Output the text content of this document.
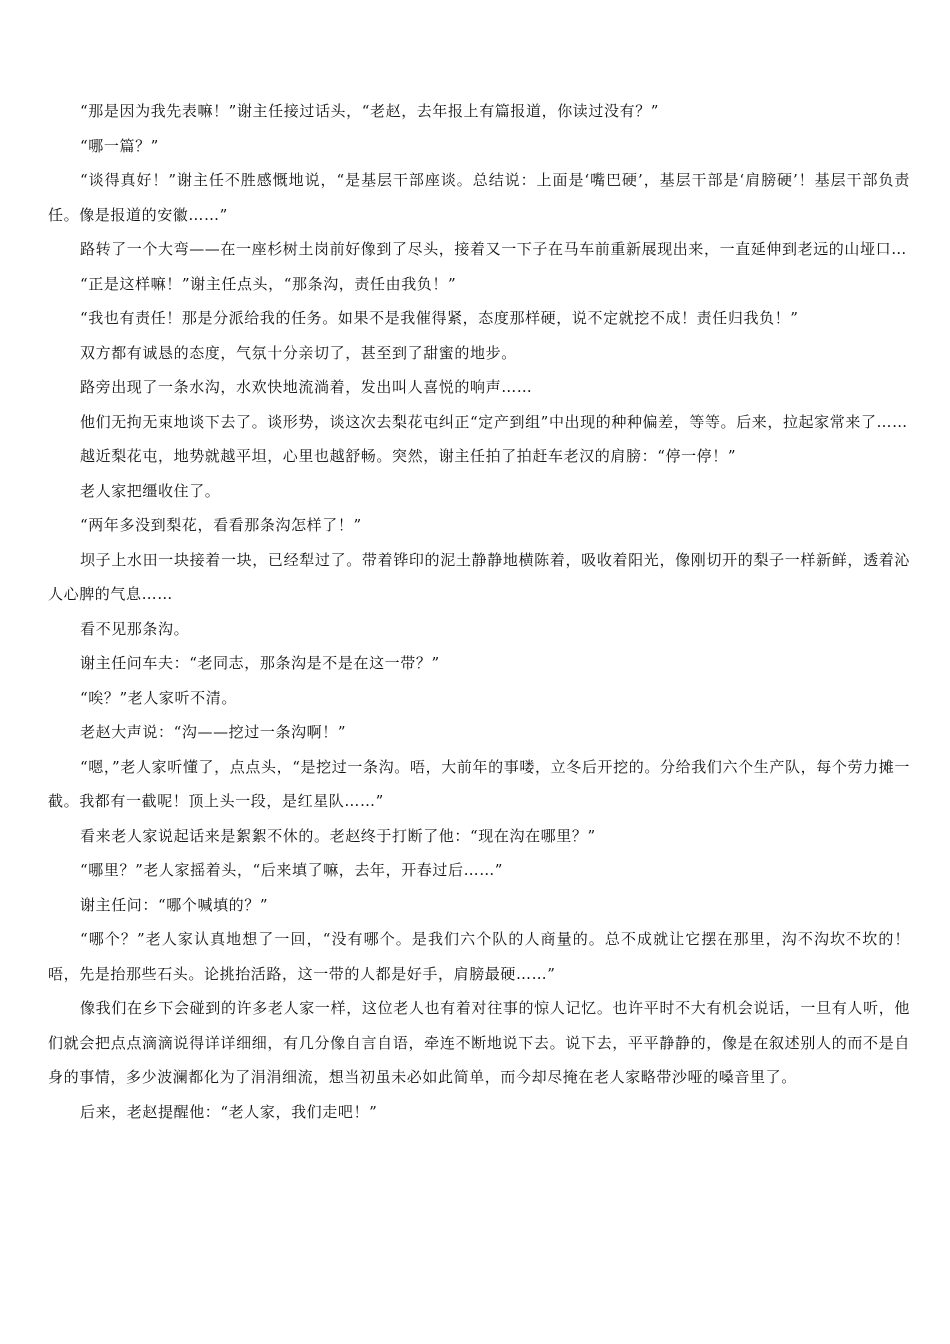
“那是因为我先表嘛！”谢主任接过话头，“老赵，去年报上有篇报道，你读过没有？”

“哪一篇？”

“谈得真好！”谢主任不胜感慨地说，“是基层干部座谈。总结说：上面是‘嘴巴硬’，基层干部是‘肩膀硬’！基层干部负责任。像是报道的安徽……”

路转了一个大弯——在一座杉树土岗前好像到了尽头，接着又一下子在马车前重新展现出来，一直延伸到老远的山垭口…

“正是这样嘛！”谢主任点头，“那条沟，责任由我负！”

“我也有责任！那是分派给我的任务。如果不是我催得紧，态度那样硬，说不定就挖不成！责任归我负！”

双方都有诚恳的态度，气氛十分亲切了，甚至到了甜蜜的地步。

路旁出现了一条水沟，水欢快地流淌着，发出叫人喜悦的响声……

他们无拘无束地谈下去了。谈形势，谈这次去梨花屯纠正“定产到组”中出现的种种偏差，等等。后来，拉起家常来了……

越近梨花屯，地势就越平坦，心里也越舒畅。突然，谢主任拍了拍赶车老汉的肩膀：“停一停！”

老人家把缰收住了。

“两年多没到梨花，看看那条沟怎样了！”

坝子上水田一块接着一块，已经犁过了。带着铧印的泥土静静地横陈着，吸收着阳光，像刚切开的梨子一样新鲜，透着沁人心脾的气息……

看不见那条沟。

谢主任问车夫：“老同志，那条沟是不是在这一带？”

“唉？”老人家听不清。

老赵大声说：“沟——挖过一条沟啊！”

“嗯，”老人家听懂了，点点头，“是挖过一条沟。唔，大前年的事喽，立冬后开挖的。分给我们六个生产队，每个劳力摊一截。我都有一截呢！顶上头一段，是红星队……”

看来老人家说起话来是絮絮不休的。老赵终于打断了他：“现在沟在哪里？”

“哪里？”老人家摇着头，“后来填了嘛，去年，开春过后……”

谢主任问：“哪个喊填的？”

“哪个？”老人家认真地想了一回，“没有哪个。是我们六个队的人商量的。总不成就让它摆在那里，沟不沟坎不坎的！唔，先是抬那些石头。论挑抬活路，这一带的人都是好手，肩膀最硬……”

像我们在乡下会碰到的许多老人家一样，这位老人也有着对往事的惊人记忆。也许平时不大有机会说话，一旦有人听，他们就会把点点滴滴说得详详细细，有几分像自言自语，牵连不断地说下去。说下去，平平静静的，像是在叙述别人的而不是自身的事情，多少波澜都化为了涓涓细流，想当初虽未必如此简单，而今却尽掩在老人家略带沙哑的嗓音里了。

后来，老赵提醒他：“老人家，我们走吧！”
